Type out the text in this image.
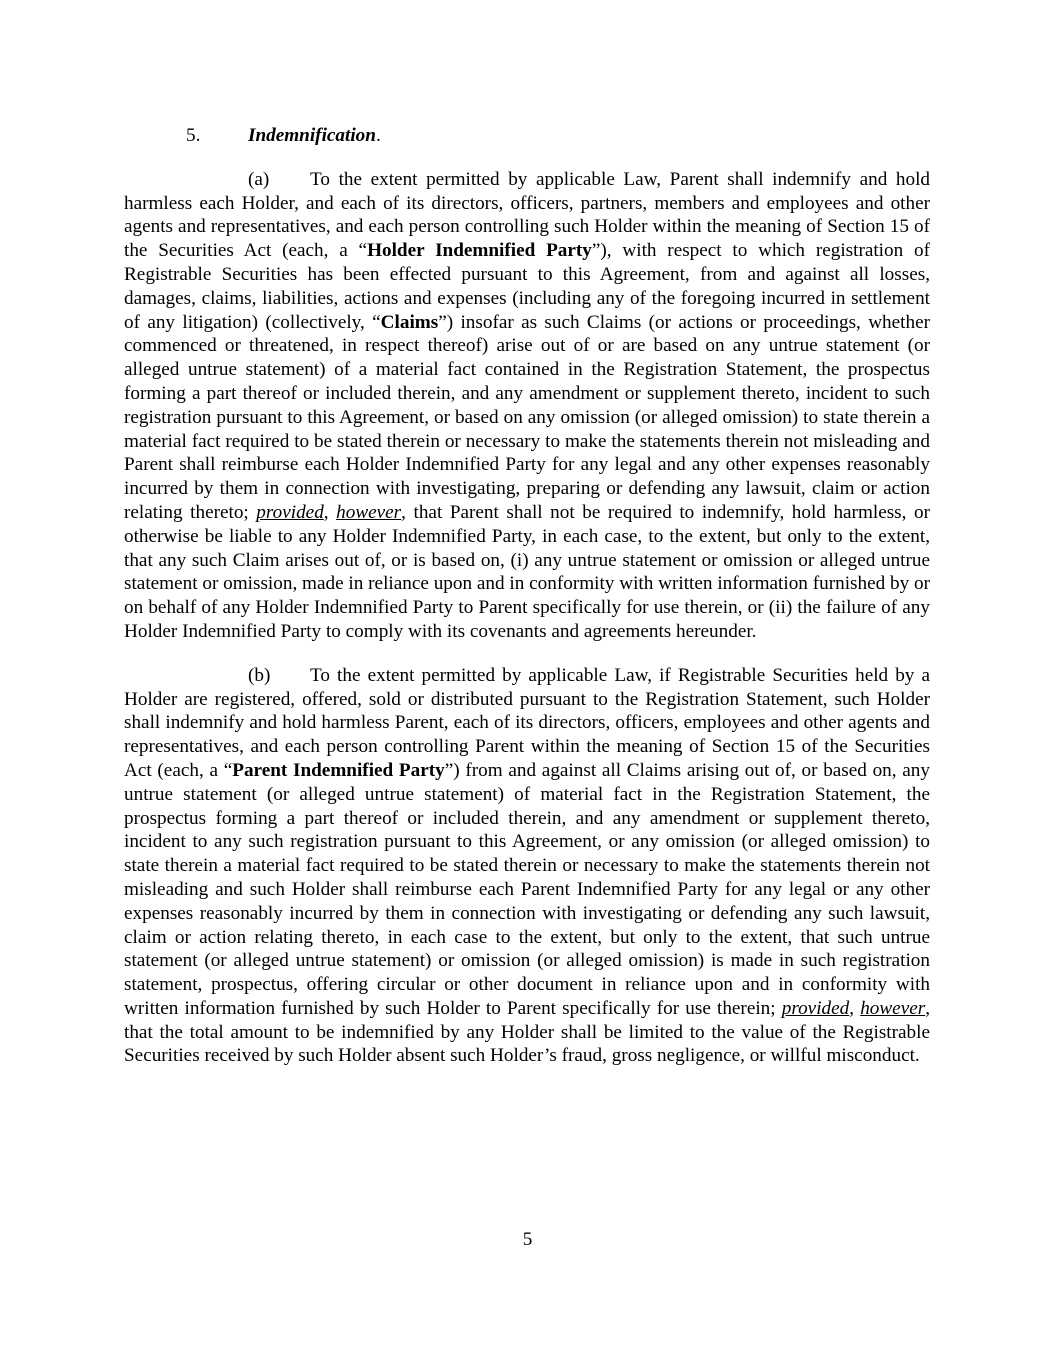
5. Indemnification.

(a) To the extent permitted by applicable Law, Parent shall indemnify and hold harmless each Holder, and each of its directors, officers, partners, members and employees and other agents and representatives, and each person controlling such Holder within the meaning of Section 15 of the Securities Act (each, a “Holder Indemnified Party”), with respect to which registration of Registrable Securities has been effected pursuant to this Agreement, from and against all losses, damages, claims, liabilities, actions and expenses (including any of the foregoing incurred in settlement of any litigation) (collectively, “Claims”) insofar as such Claims (or actions or proceedings, whether commenced or threatened, in respect thereof) arise out of or are based on any untrue statement (or alleged untrue statement) of a material fact contained in the Registration Statement, the prospectus forming a part thereof or included therein, and any amendment or supplement thereto, incident to such registration pursuant to this Agreement, or based on any omission (or alleged omission) to state therein a material fact required to be stated therein or necessary to make the statements therein not misleading and Parent shall reimburse each Holder Indemnified Party for any legal and any other expenses reasonably incurred by them in connection with investigating, preparing or defending any lawsuit, claim or action relating thereto; provided, however, that Parent shall not be required to indemnify, hold harmless, or otherwise be liable to any Holder Indemnified Party, in each case, to the extent, but only to the extent, that any such Claim arises out of, or is based on, (i) any untrue statement or omission or alleged untrue statement or omission, made in reliance upon and in conformity with written information furnished by or on behalf of any Holder Indemnified Party to Parent specifically for use therein, or (ii) the failure of any Holder Indemnified Party to comply with its covenants and agreements hereunder.

(b) To the extent permitted by applicable Law, if Registrable Securities held by a Holder are registered, offered, sold or distributed pursuant to the Registration Statement, such Holder shall indemnify and hold harmless Parent, each of its directors, officers, employees and other agents and representatives, and each person controlling Parent within the meaning of Section 15 of the Securities Act (each, a “Parent Indemnified Party”) from and against all Claims arising out of, or based on, any untrue statement (or alleged untrue statement) of material fact in the Registration Statement, the prospectus forming a part thereof or included therein, and any amendment or supplement thereto, incident to any such registration pursuant to this Agreement, or any omission (or alleged omission) to state therein a material fact required to be stated therein or necessary to make the statements therein not misleading and such Holder shall reimburse each Parent Indemnified Party for any legal or any other expenses reasonably incurred by them in connection with investigating or defending any such lawsuit, claim or action relating thereto, in each case to the extent, but only to the extent, that such untrue statement (or alleged untrue statement) or omission (or alleged omission) is made in such registration statement, prospectus, offering circular or other document in reliance upon and in conformity with written information furnished by such Holder to Parent specifically for use therein; provided, however, that the total amount to be indemnified by any Holder shall be limited to the value of the Registrable Securities received by such Holder absent such Holder’s fraud, gross negligence, or willful misconduct.

5
